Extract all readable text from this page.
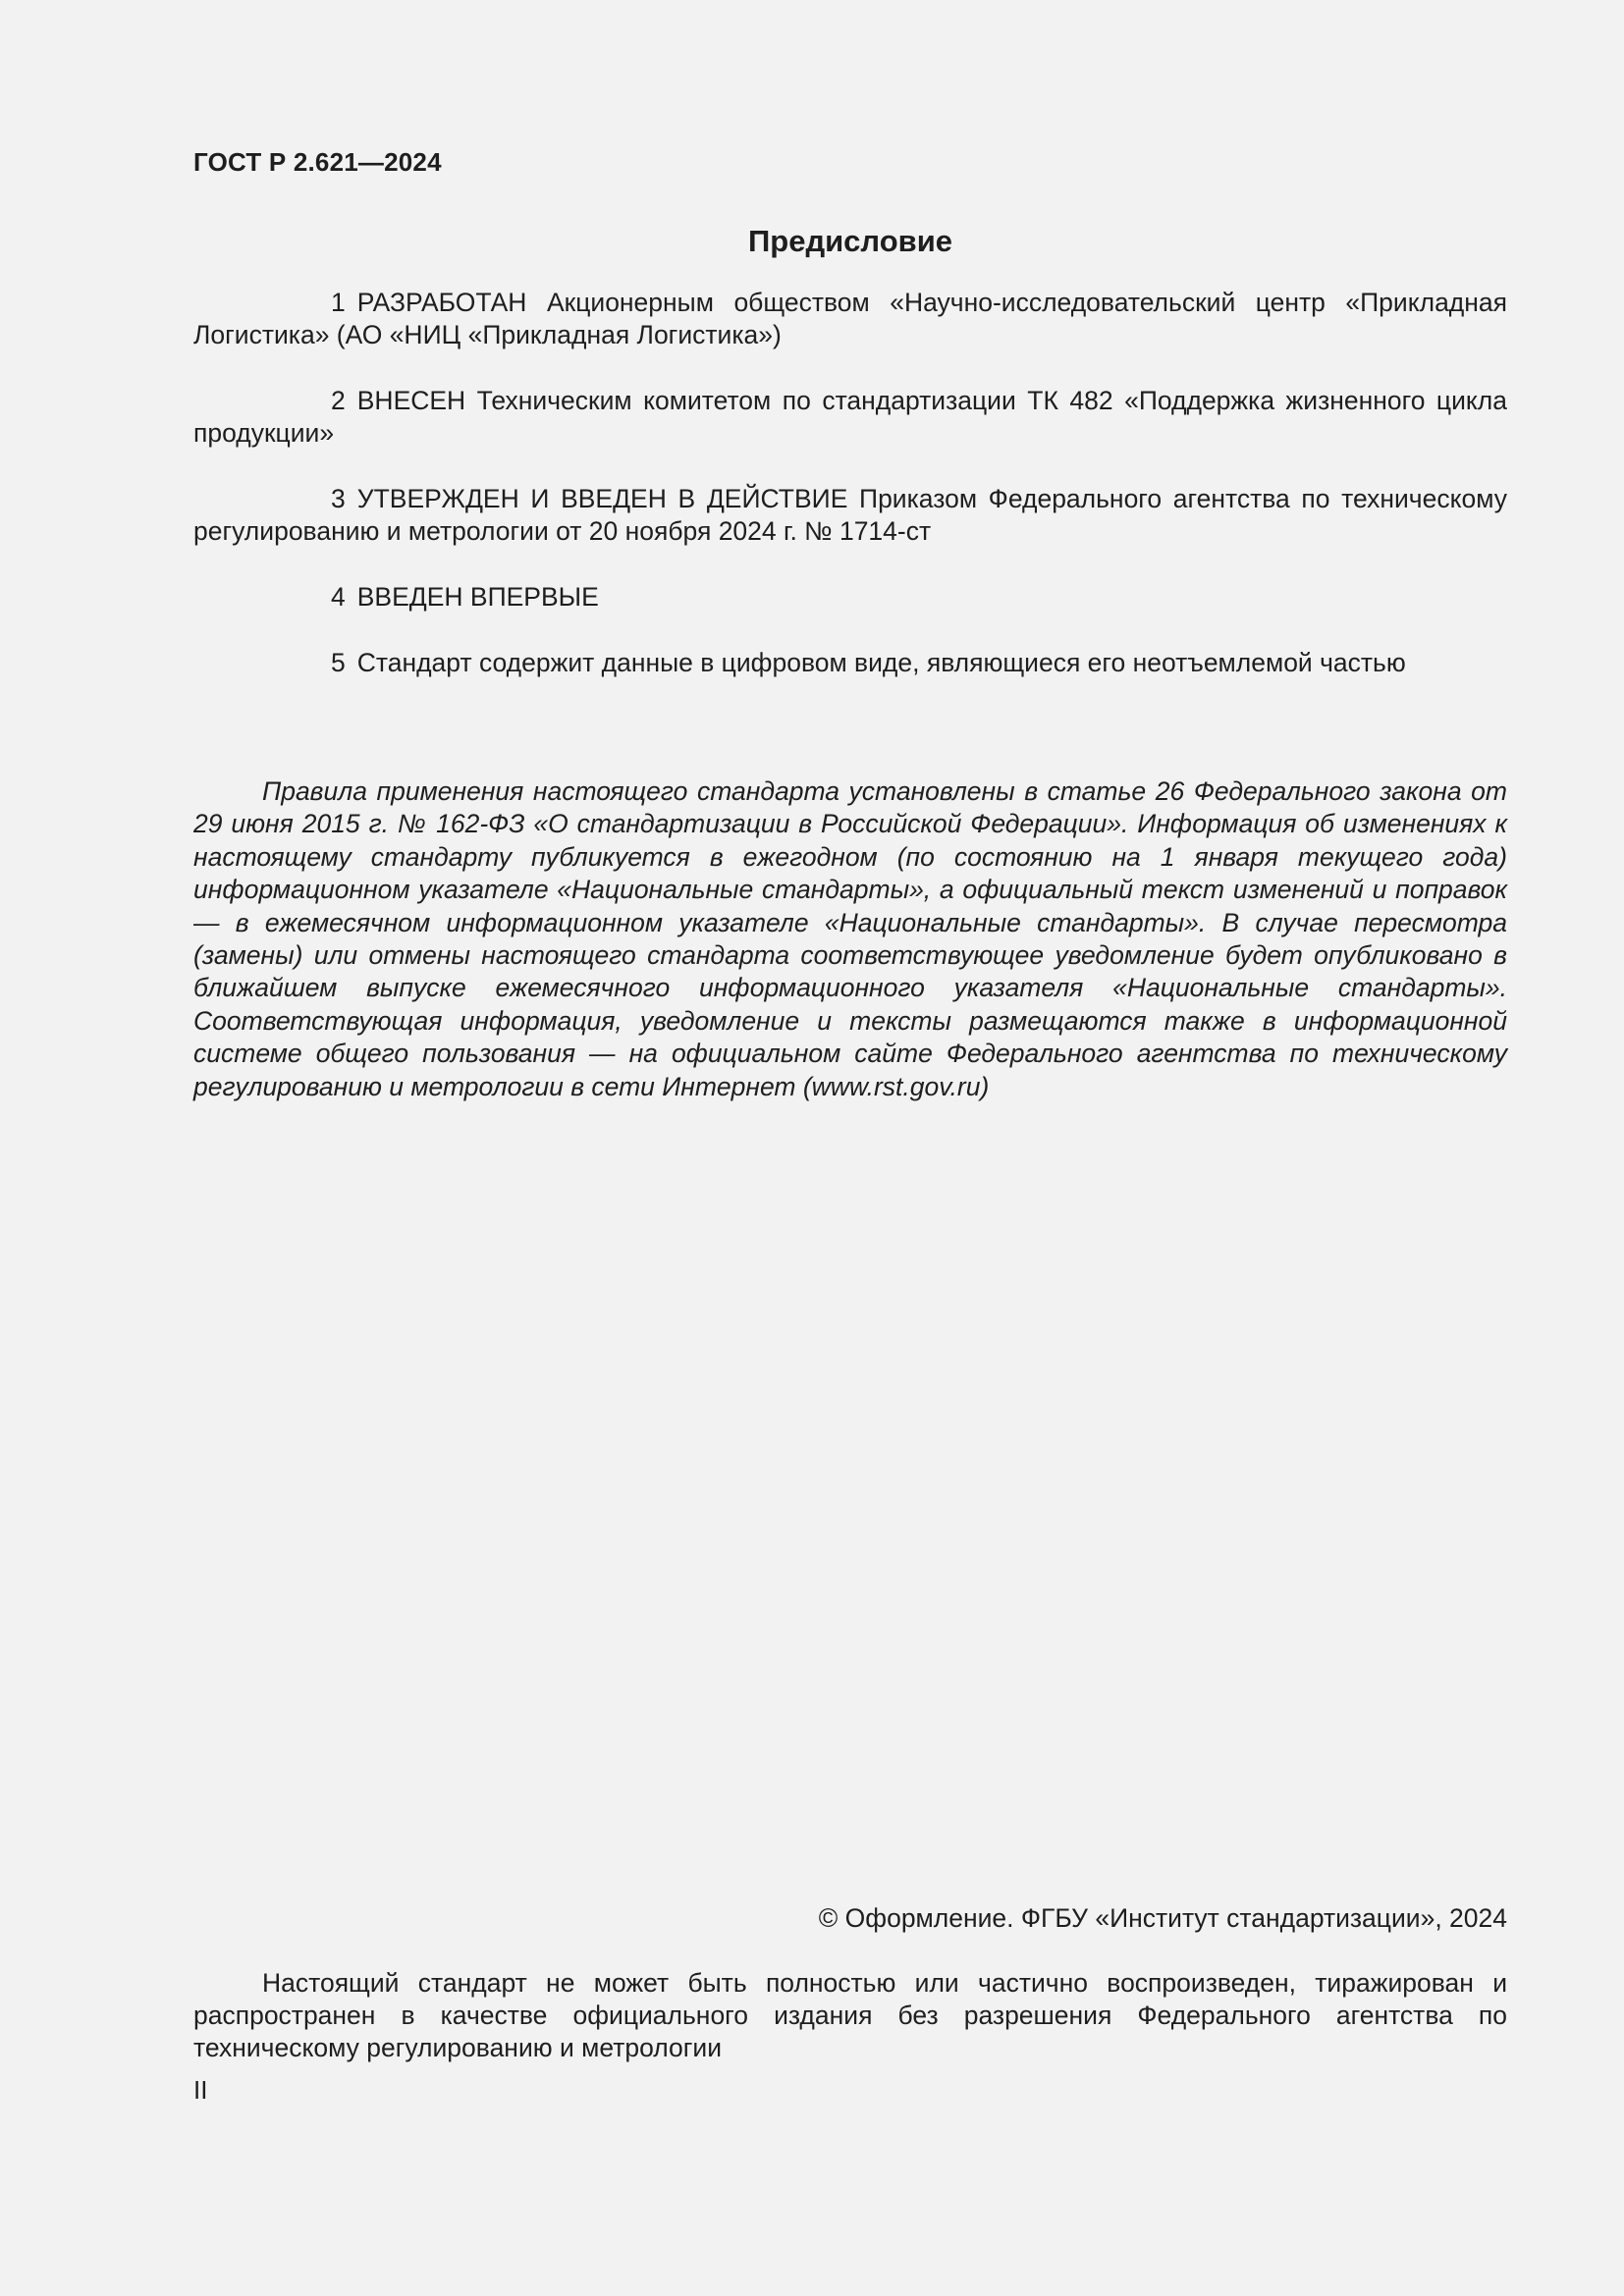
ГОСТ Р 2.621—2024
Предисловие

1 РАЗРАБОТАН Акционерным обществом «Научно-исследовательский центр «Прикладная Логистика» (АО «НИЦ «Прикладная Логистика»)

2 ВНЕСЕН Техническим комитетом по стандартизации ТК 482 «Поддержка жизненного цикла продукции»

3 УТВЕРЖДЕН И ВВЕДЕН В ДЕЙСТВИЕ Приказом Федерального агентства по техническому регулированию и метрологии от 20 ноября 2024 г. № 1714-ст

4 ВВЕДЕН ВПЕРВЫЕ

5 Стандарт содержит данные в цифровом виде, являющиеся его неотъемлемой частью

Правила применения настоящего стандарта установлены в статье 26 Федерального закона от 29 июня 2015 г. № 162-ФЗ «О стандартизации в Российской Федерации». Информация об изменениях к настоящему стандарту публикуется в ежегодном (по состоянию на 1 января текущего года) информационном указателе «Национальные стандарты», а официальный текст изменений и поправок — в ежемесячном информационном указателе «Национальные стандарты». В случае пересмотра (замены) или отмены настоящего стандарта соответствующее уведомление будет опубликовано в ближайшем выпуске ежемесячного информационного указателя «Национальные стандарты». Соответствующая информация, уведомление и тексты размещаются также в информационной системе общего пользования — на официальном сайте Федерального агентства по техническому регулированию и метрологии в сети Интернет (www.rst.gov.ru)

© Оформление. ФГБУ «Институт стандартизации», 2024

Настоящий стандарт не может быть полностью или частично воспроизведен, тиражирован и распространен в качестве официального издания без разрешения Федерального агентства по техническому регулированию и метрологии

II
